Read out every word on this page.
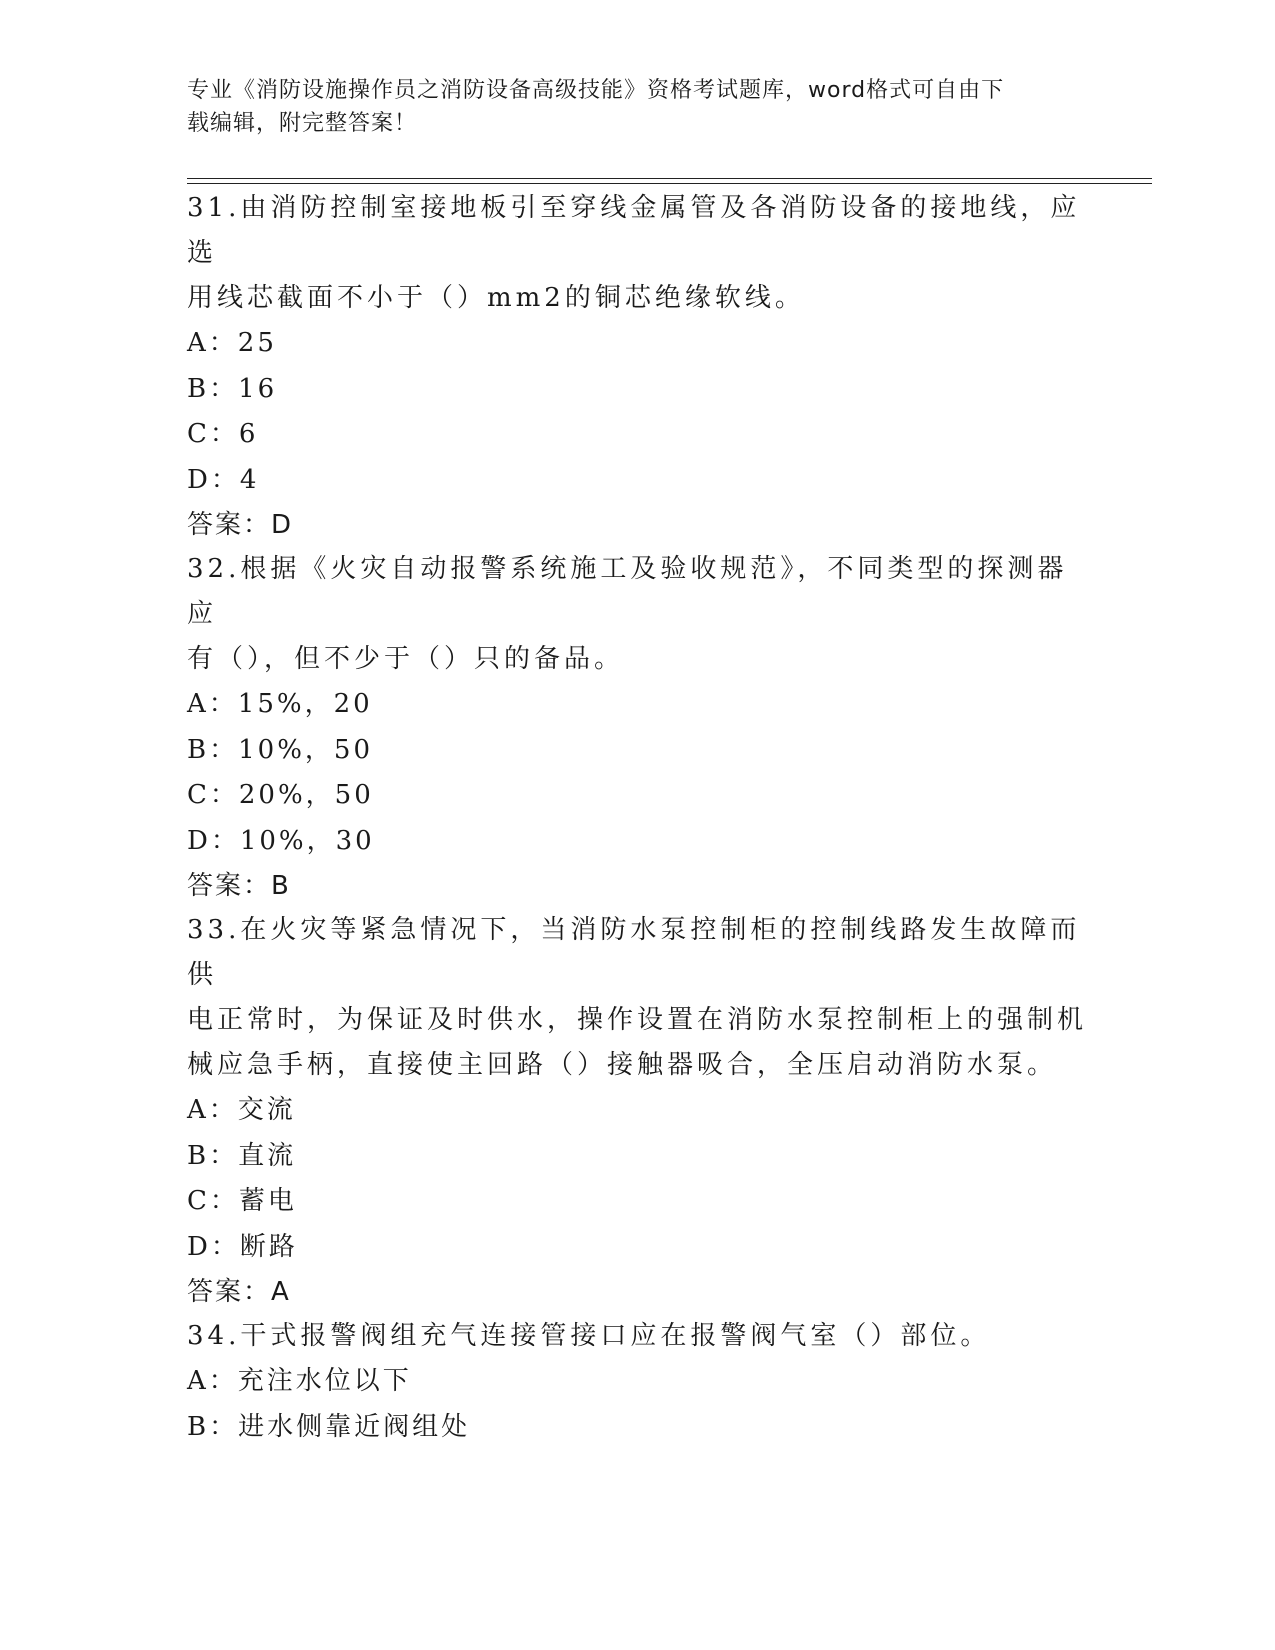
专业《消防设施操作员之消防设备高级技能》资格考试题库，word格式可自由下
载编辑，附完整答案！

31.由消防控制室接地板引至穿线金属管及各消防设备的接地线，应选

用线芯截面不小于（）mm2的铜芯绝缘软线。

A：25

B：16

C：6

D：4

答案：D

32.根据《火灾自动报警系统施工及验收规范》，不同类型的探测器应

有（），但不少于（）只的备品。

A：15%，20

B：10%，50

C：20%，50

D：10%，30

答案：B

33.在火灾等紧急情况下，当消防水泵控制柜的控制线路发生故障而供

电正常时，为保证及时供水，操作设置在消防水泵控制柜上的强制机

械应急手柄，直接使主回路（）接触器吸合，全压启动消防水泵。

A：交流

B：直流

C：蓄电

D：断路

答案：A

34.干式报警阀组充气连接管接口应在报警阀气室（）部位。

A：充注水位以下

B：进水侧靠近阀组处
